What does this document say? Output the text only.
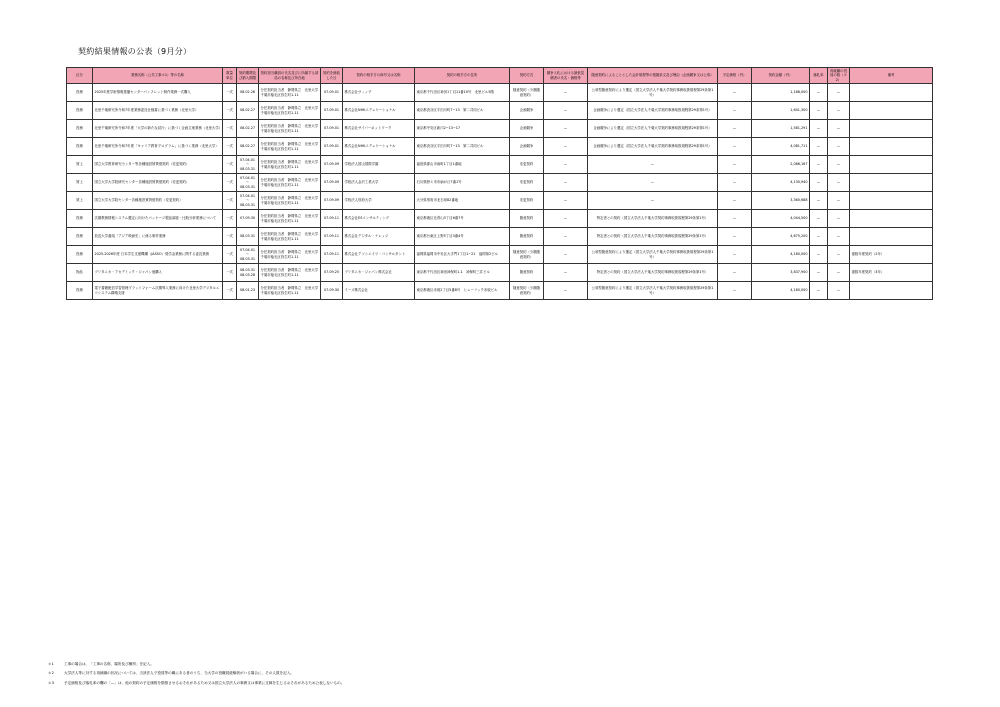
契約結果情報の公表（9月分）
区分	業務名称（公共工事＊1）等の名称	数量単位	契約期間及び納入期限	契約担当職員の氏名並びに所属する部局の名称及び所在地	契約を締結した日	契約の相手方の商号又は名称	契約の相手方の住所	契約方式	競争入札における最低見積者の氏名・価格等	随意契約によることとした会計規程等の根拠条文及び理由（企画競争又は公募）	予定価格（円）	契約金額（円）	落札率	再就職の役員の数（＊2）	備考
役務	2025年度学術情報基盤センターパンフレット制作業務一式購入	一式	08.02.28	分任契約担当者　静岡県立　北里大学　千葉市稲毛区弥生町1-11	07.09.01	株式会社ヴィップ	東京都千代田区神田1丁目11番10号　北里ビル5階	随意契約（少額随意契約）	—	公募型随意契約により選定（国立大学法人千葉大学契約事務取扱規程第29条第1号）	—	1,188,000	—	—	
役務	北里千葉研究所令和7年度業務委託仕様書に基づく業務（北里大学）	一式	08.02.27	分任契約担当者　静岡県立　北里大学　千葉市稲毛区弥生町1-11	07.09.01	株式会社NHKエデュケーショナル	東京都渋谷区宇田川町7−13　第二共同ビル	企画競争	—	企画競争により選定（国立大学法人千葉大学契約事務取扱規程第29条第1号）	—	1,641,300	—	—	
役務	北里千葉研究所令和7年度「大学の新たな試行」に基づく企画立案業務（北里大学）	一式	08.02.27	分任契約担当者　静岡県立　北里大学　千葉市稲毛区弥生町1-11	07.09.01	株式会社サイバーネットワーク	東京都中央区新川2−13−17	企画競争	—	企画競争により選定（国立大学法人千葉大学契約事務取扱規程第29条第1号）	—	1,581,291	—	—	
役務	北里千葉研究所令和7年度「キャリア教育プログラム」に基づく業務（北里大学）	一式	08.02.27	分任契約担当者　静岡県立　北里大学　千葉市稲毛区弥生町1-11	07.09.01	株式会社NHKエデュケーショナル	東京都渋谷区宇田川町7−13　第二共同ビル	企画競争	—	企画競争により選定（国立大学法人千葉大学契約事務取扱規程第29条第1号）	—	4,081,711	—	—	
賃上	国立大学教育研究センター等各種施設賃貸借契約（変更契約）	一式	07.04.01～08.03.31	分任契約担当者　静岡県立　北里大学　千葉市稲毛区弥生町1-11	07.09.09	学校法人国山国際学園	福島県郡山市南町1丁目1番地	変更契約	—	—	—	2,086,167	—	—	
賃上	国立大学大学院研究センター各種施設賃貸借契約（変更契約）	一式	07.04.01～08.03.31	分任契約担当者　静岡県立　北里大学　千葉市稲毛区弥生町1-11	07.09.09	学校法人金沢工業大学	石川県野々市市扇が丘7番1号	変更契約	—	—	—	4,130,940	—	—	
賃上	国立大学大学院センター各種施設賃貸借契約（変更契約）	一式	07.04.01～08.03.31	分任契約担当者　静岡県立　北里大学　千葉市稲毛区弥生町1-11	07.09.09	学校法人別府大学	大分県別府市北石垣82番地	変更契約	—	—	—	3,360,688	—	—	
役務	次期教務情報システム選定に向けたパッケージ製品調査・比較分析業務について	一式	07.09.30	分任契約担当者　静岡県立　北里大学　千葉市稲毛区弥生町1-11	07.09.11	株式会社ESコンサルティング	東京都港区北青山3丁目6番7号	随意契約	—	特定者との契約（国立大学法人千葉大学契約事務取扱規程第29条第1号）	—	4,044,500	—	—	
役務	放送大学番組「アジア映画史」に係る制作業務	一式	08.03.31	分任契約担当者　静岡県立　北里大学　千葉市稲毛区弥生町1-11	07.09.11	株式会社デジタル・ナレッジ	東京都台東区上野5丁目3番4号	随意契約	—	特定者との契約（国立大学法人千葉大学契約事務取扱規程第29条第1号）	—	4,675,200	—	—	
役務	2025-2026年度 日本学生支援機構（JASSO）奨学金業務に関する委託業務	一式	07.04.01～08.03.31	分任契約担当者　静岡県立　北里大学　千葉市稲毛区弥生町1-11	07.09.11	株式会社アソシエイツ・コンサルタント	福岡県福岡市中央区大手門1丁目1−21　福岡第2ビル	随意契約（少額随意契約）	—	公募型随意契約により選定（国立大学法人千葉大学契約事務取扱規程第29条第1号）	—	4,180,000	—	—	複数年度契約（2年）
物品	ブリタニカ・アカデミック・ジャパン他購入	一式	08.03.31　08.03.28	分任契約担当者　静岡県立　北里大学　千葉市稲毛区弥生町1-11	07.09.25	ブリタニカ・ジャパン株式会社	東京都千代田区神田神保町1-1　神保町三井ビル	随意契約	—	特定者との契約（国立大学法人千葉大学契約事務取扱規程第29条第1号）	—	3,837,900	—	—	複数年度契約（3年）
役務	電子書籍配信学習管理プラットフォーム次期導入業務に向けた北里大学デジタルエコシステム構築支援	一式	08.01.23	分任契約担当者　静岡県立　北里大学　千葉市稲毛区弥生町1-11	07.09.30	イーズ株式会社	東京都港区赤坂2丁目5番8号　ヒューリック赤坂ビル	随意契約（少額随意契約）	—	公募型随意契約により選定（国立大学法人千葉大学契約事務取扱規程第29条第1号）	—	4,180,000	—	—	
＊1	工事の場合は、「工事の名称、場所及び種別」を記入。
＊2	大学法人等に対する再就職の状況については、当該法人で役員等の職にある者のうち、当大学の役職員経験者がいる場合に、その人数を記入。
＊3	予定価格及び落札率の欄の「—」は、他の契約の予定価格を類推させるおそれがあるため又は国立大学法人の事務又は事業に支障を生じるおそれがあるため公表しないもの。
